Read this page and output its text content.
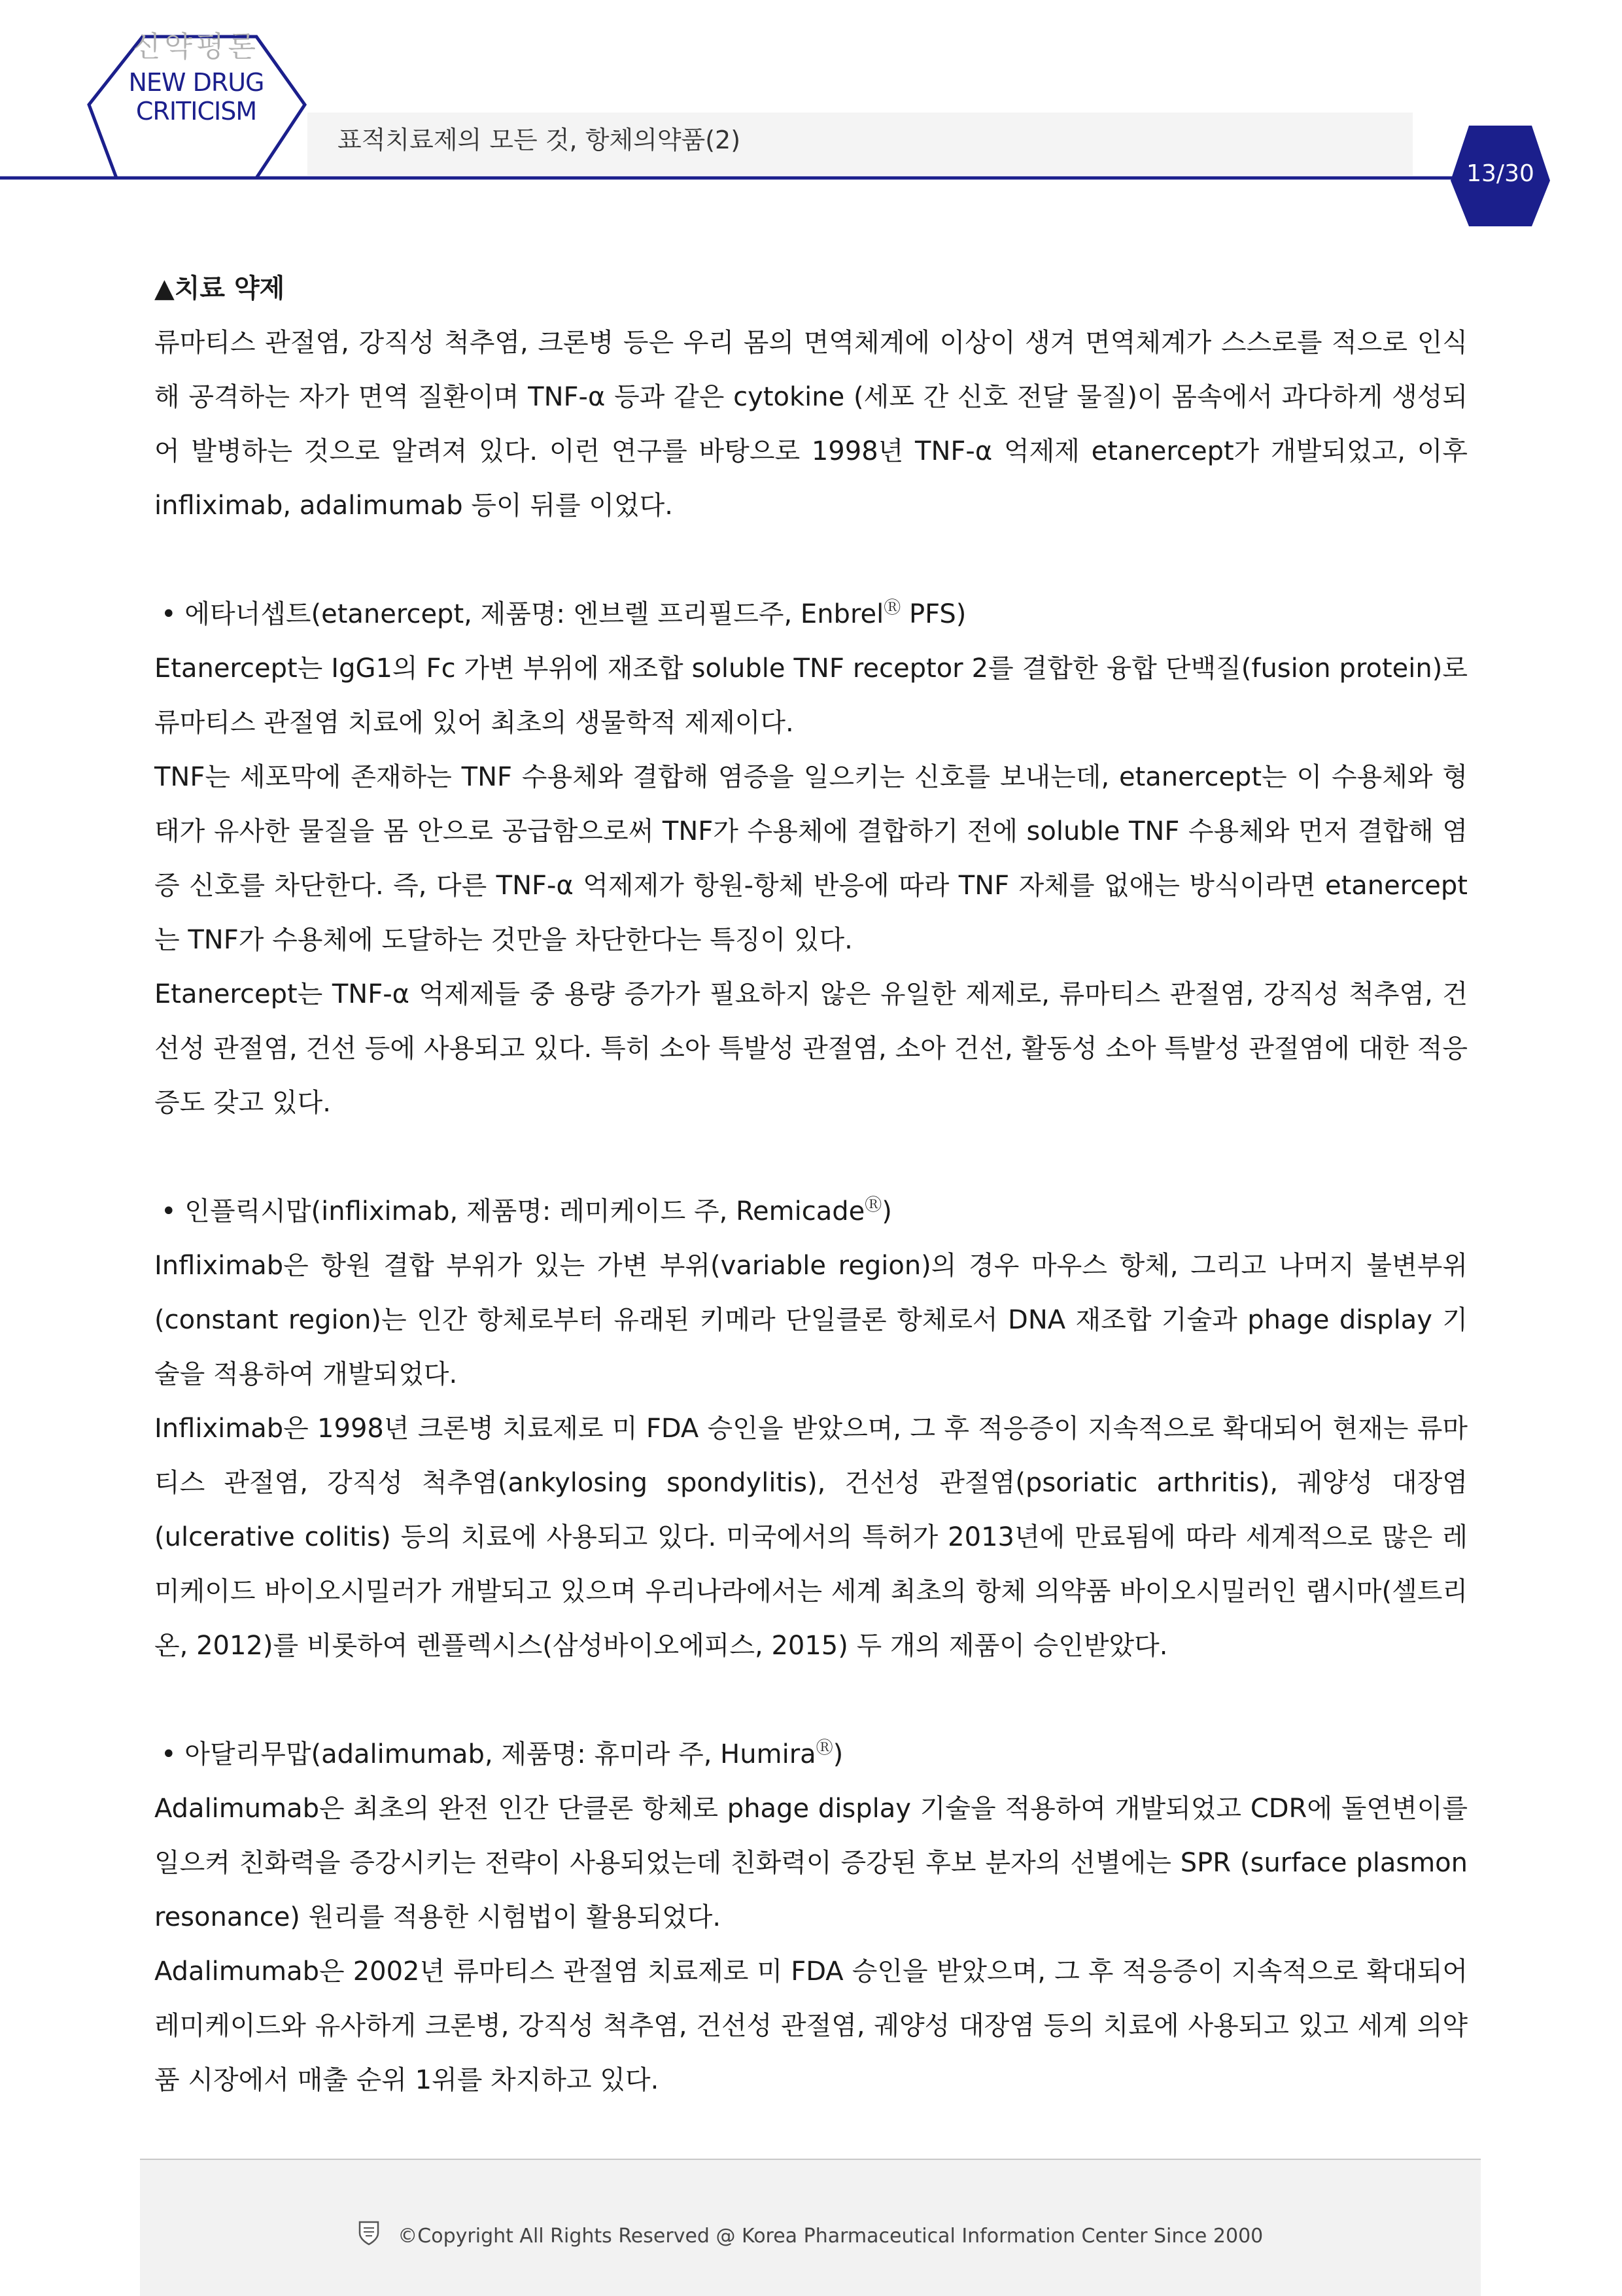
신약평론
NEW DRUG
CRITICISM
표적치료제의 모든 것, 항체의약품(2)
13/30

▲치료 약제

류마티스 관절염, 강직성 척추염, 크론병 등은 우리 몸의 면역체계에 이상이 생겨 면역체계가 스스로를 적으로 인식해 공격하는 자가 면역 질환이며 TNF-α 등과 같은 cytokine (세포 간 신호 전달 물질)이 몸속에서 과다하게 생성되어 발병하는 것으로 알려져 있다. 이런 연구를 바탕으로 1998년 TNF-α 억제제 etanercept가 개발되었고, 이후 infliximab, adalimumab 등이 뒤를 이었다.

• 에타너셉트(etanercept, 제품명: 엔브렐 프리필드주, EnbrelⓇ PFS)

Etanercept는 IgG1의 Fc 가변 부위에 재조합 soluble TNF receptor 2를 결합한 융합 단백질(fusion protein)로 류마티스 관절염 치료에 있어 최초의 생물학적 제제이다.

TNF는 세포막에 존재하는 TNF 수용체와 결합해 염증을 일으키는 신호를 보내는데, etanercept는 이 수용체와 형태가 유사한 물질을 몸 안으로 공급함으로써 TNF가 수용체에 결합하기 전에 soluble TNF 수용체와 먼저 결합해 염증 신호를 차단한다. 즉, 다른 TNF-α 억제제가 항원-항체 반응에 따라 TNF 자체를 없애는 방식이라면 etanercept는 TNF가 수용체에 도달하는 것만을 차단한다는 특징이 있다.

Etanercept는 TNF-α 억제제들 중 용량 증가가 필요하지 않은 유일한 제제로, 류마티스 관절염, 강직성 척추염, 건선성 관절염, 건선 등에 사용되고 있다. 특히 소아 특발성 관절염, 소아 건선, 활동성 소아 특발성 관절염에 대한 적응증도 갖고 있다.

• 인플릭시맙(infliximab, 제품명: 레미케이드 주, RemicadeⓇ)

Infliximab은 항원 결합 부위가 있는 가변 부위(variable region)의 경우 마우스 항체, 그리고 나머지 불변부위(constant region)는 인간 항체로부터 유래된 키메라 단일클론 항체로서 DNA 재조합 기술과 phage display 기술을 적용하여 개발되었다.

Infliximab은 1998년 크론병 치료제로 미 FDA 승인을 받았으며, 그 후 적응증이 지속적으로 확대되어 현재는 류마티스 관절염, 강직성 척추염(ankylosing spondylitis), 건선성 관절염(psoriatic arthritis), 궤양성 대장염(ulcerative colitis) 등의 치료에 사용되고 있다. 미국에서의 특허가 2013년에 만료됨에 따라 세계적으로 많은 레미케이드 바이오시밀러가 개발되고 있으며 우리나라에서는 세계 최초의 항체 의약품 바이오시밀러인 램시마(셀트리온, 2012)를 비롯하여 렌플렉시스(삼성바이오에피스, 2015) 두 개의 제품이 승인받았다.

• 아달리무맙(adalimumab, 제품명: 휴미라 주, HumiraⓇ)

Adalimumab은 최초의 완전 인간 단클론 항체로 phage display 기술을 적용하여 개발되었고 CDR에 돌연변이를 일으켜 친화력을 증강시키는 전략이 사용되었는데 친화력이 증강된 후보 분자의 선별에는 SPR (surface plasmon resonance) 원리를 적용한 시험법이 활용되었다.

Adalimumab은 2002년 류마티스 관절염 치료제로 미 FDA 승인을 받았으며, 그 후 적응증이 지속적으로 확대되어 레미케이드와 유사하게 크론병, 강직성 척추염, 건선성 관절염, 궤양성 대장염 등의 치료에 사용되고 있고 세계 의약품 시장에서 매출 순위 1위를 차지하고 있다.

©Copyright All Rights Reserved @ Korea Pharmaceutical Information Center Since 2000
